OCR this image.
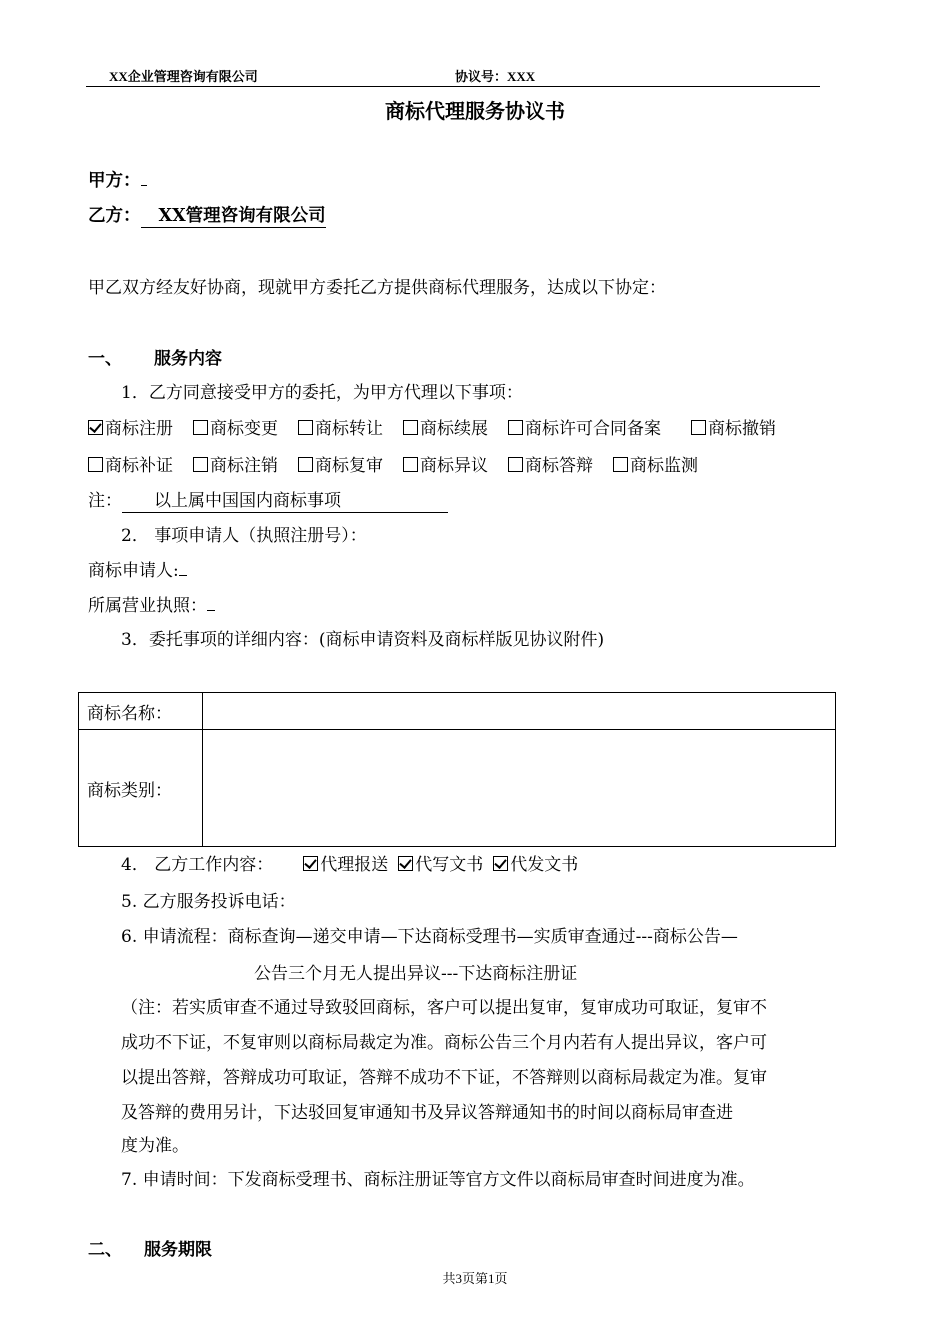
XX企业管理咨询有限公司	协议号：XXX
商标代理服务协议书
甲方：
乙方： XX管理咨询有限公司
甲乙双方经友好协商，现就甲方委托乙方提供商标代理服务，达成以下协定：
一、 服务内容
1．乙方同意接受甲方的委托，为甲方代理以下事项：
商标注册 商标变更 商标转让 商标续展 商标许可合同备案	商标撤销
商标补证 商标注销 商标复审 商标异议 商标答辩 商标监测
注： 以上属中国国内商标事项
2． 事项申请人（执照注册号）：
商标申请人:
所属营业执照：
3．委托事项的详细内容：(商标申请资料及商标样版见协议附件)
商标名称：	
商标类别：	
4． 乙方工作内容：	代理报送 代写文书 代发文书
5. 乙方服务投诉电话：
6. 申请流程：商标查询—递交申请—下达商标受理书—实质审查通过---商标公告—
公告三个月无人提出异议---下达商标注册证
（注：若实质审查不通过导致驳回商标，客户可以提出复审，复审成功可取证，复审不
成功不下证，不复审则以商标局裁定为准。商标公告三个月内若有人提出异议，客户可
以提出答辩，答辩成功可取证，答辩不成功不下证，不答辩则以商标局裁定为准。复审
及答辩的费用另计，下达驳回复审通知书及异议答辩通知书的时间以商标局审查进
度为准。
7. 申请时间：下发商标受理书、商标注册证等官方文件以商标局审查时间进度为准。
二、 服务期限
共3页第1页
